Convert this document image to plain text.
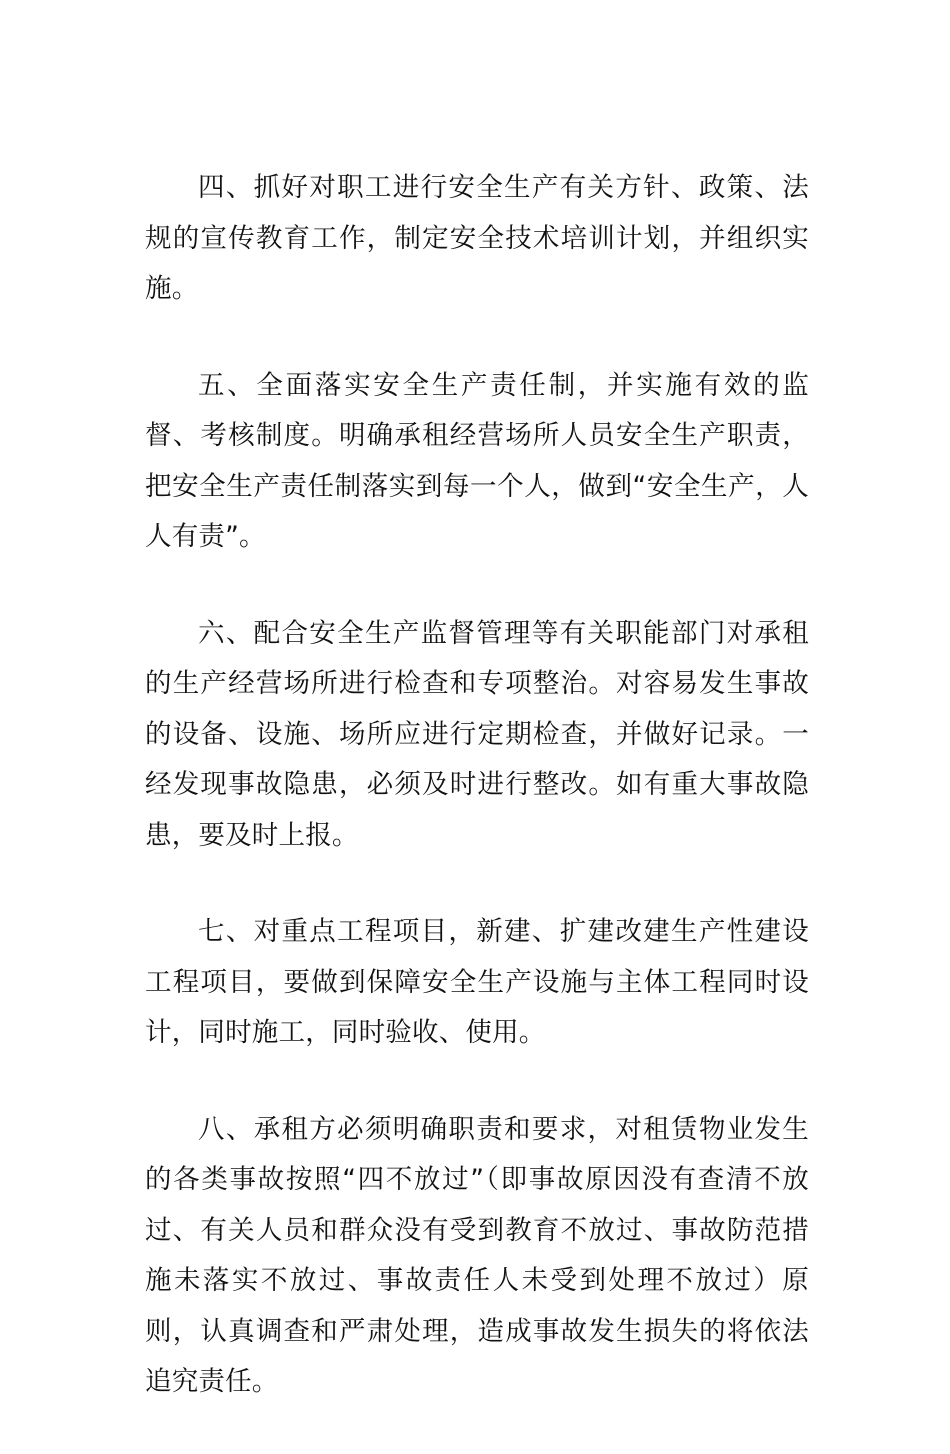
四、抓好对职工进行安全生产有关方针、政策、法规的宣传教育工作，制定安全技术培训计划，并组织实施。

五、全面落实安全生产责任制，并实施有效的监督、考核制度。明确承租经营场所人员安全生产职责，把安全生产责任制落实到每一个人，做到“安全生产，人人有责”。

六、配合安全生产监督管理等有关职能部门对承租的生产经营场所进行检查和专项整治。对容易发生事故的设备、设施、场所应进行定期检查，并做好记录。一经发现事故隐患，必须及时进行整改。如有重大事故隐患，要及时上报。

七、对重点工程项目，新建、扩建改建生产性建设工程项目，要做到保障安全生产设施与主体工程同时设计，同时施工，同时验收、使用。

八、承租方必须明确职责和要求，对租赁物业发生的各类事故按照“四不放过”（即事故原因没有查清不放过、有关人员和群众没有受到教育不放过、事故防范措施未落实不放过、事故责任人未受到处理不放过）原则，认真调查和严肃处理，造成事故发生损失的将依法追究责任。
